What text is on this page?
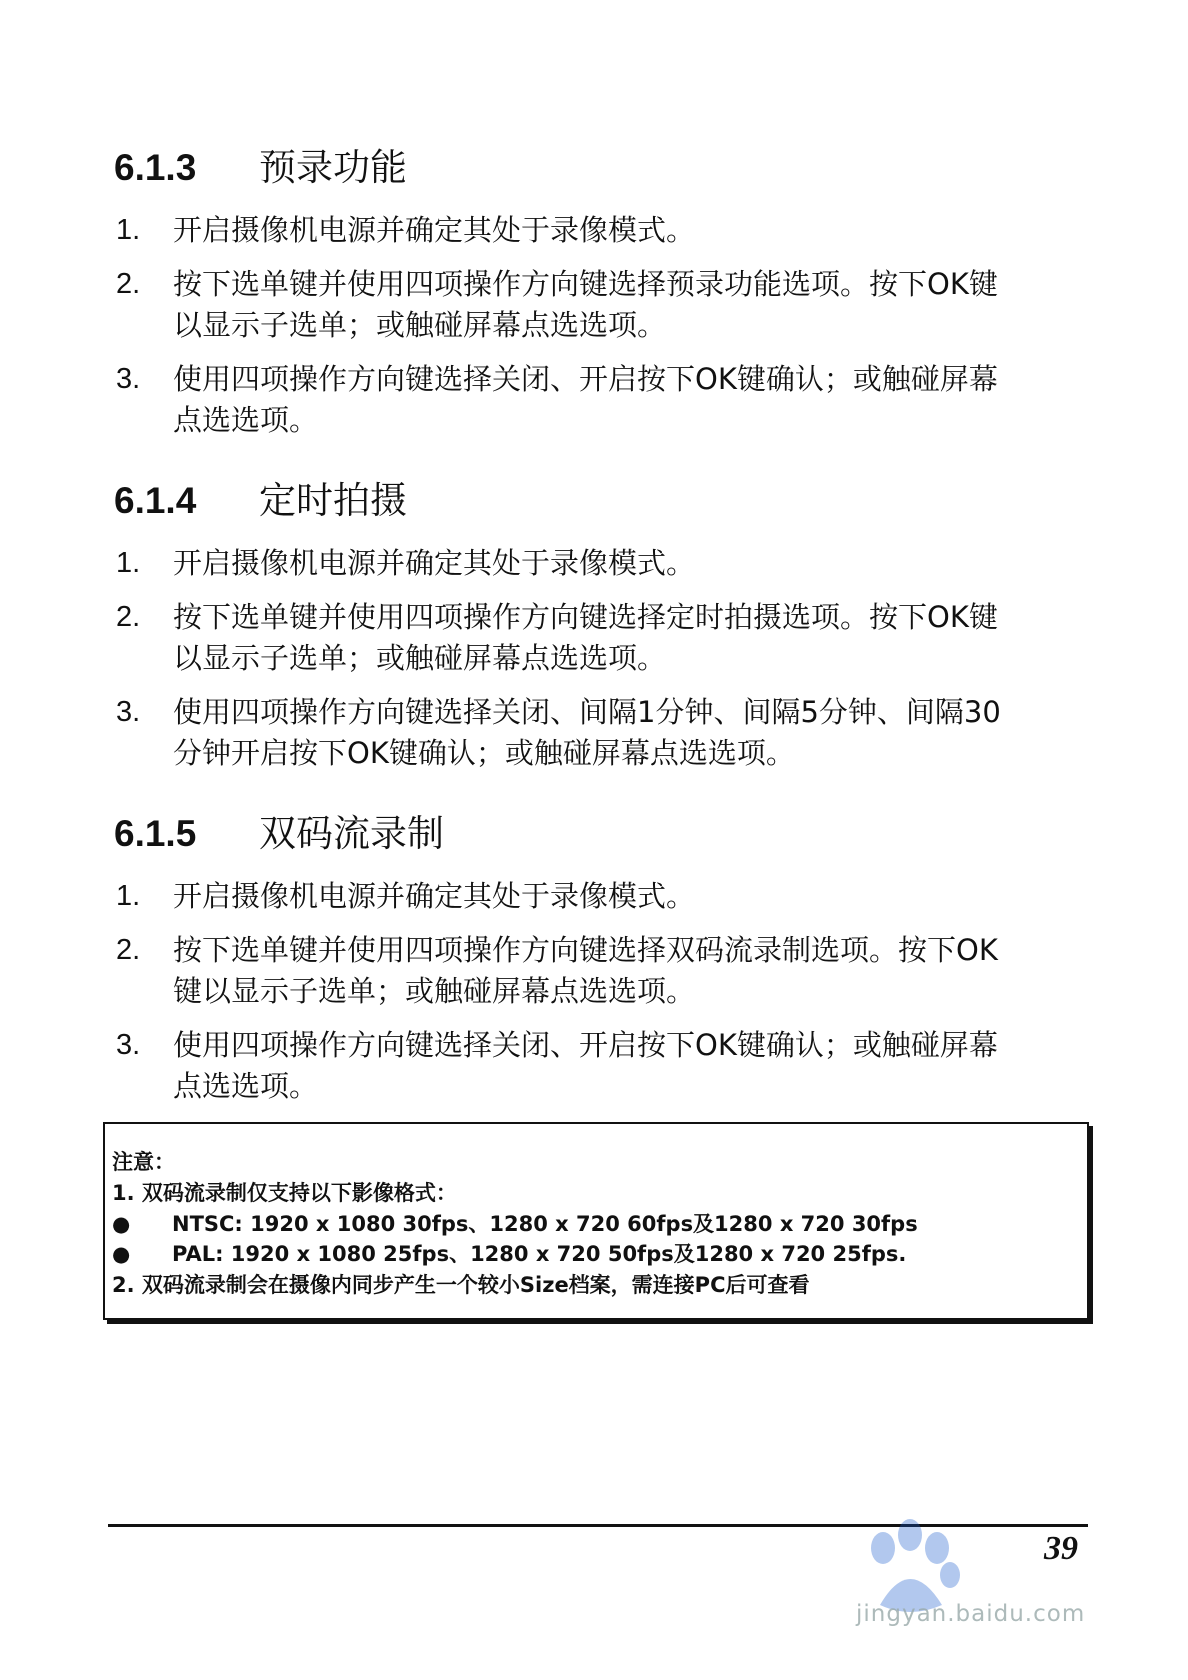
6.1.3 预录功能
1.	开启摄像机电源并确定其处于录像模式。
2.	按下选单键并使用四项操作方向键选择预录功能选项。按下OK键
以显示子选单；或触碰屏幕点选选项。
3.	使用四项操作方向键选择关闭、开启按下OK键确认；或触碰屏幕
点选选项。
6.1.4 定时拍摄
1.	开启摄像机电源并确定其处于录像模式。
2.	按下选单键并使用四项操作方向键选择定时拍摄选项。按下OK键
以显示子选单；或触碰屏幕点选选项。
3.	使用四项操作方向键选择关闭、间隔1分钟、间隔5分钟、间隔30
分钟开启按下OK键确认；或触碰屏幕点选选项。
6.1.5 双码流录制
1.	开启摄像机电源并确定其处于录像模式。
2.	按下选单键并使用四项操作方向键选择双码流录制选项。按下OK
键以显示子选单；或触碰屏幕点选选项。
3.	使用四项操作方向键选择关闭、开启按下OK键确认；或触碰屏幕
点选选项。
注意：
1. 双码流录制仅支持以下影像格式：
● NTSC: 1920 x 1080 30fps、1280 x 720 60fps及1280 x 720 30fps
● PAL: 1920 x 1080 25fps、1280 x 720 50fps及1280 x 720 25fps.
2. 双码流录制会在摄像内同步产生一个较小Size档案，需连接PC后可查看
39
jingyan.baidu.com
